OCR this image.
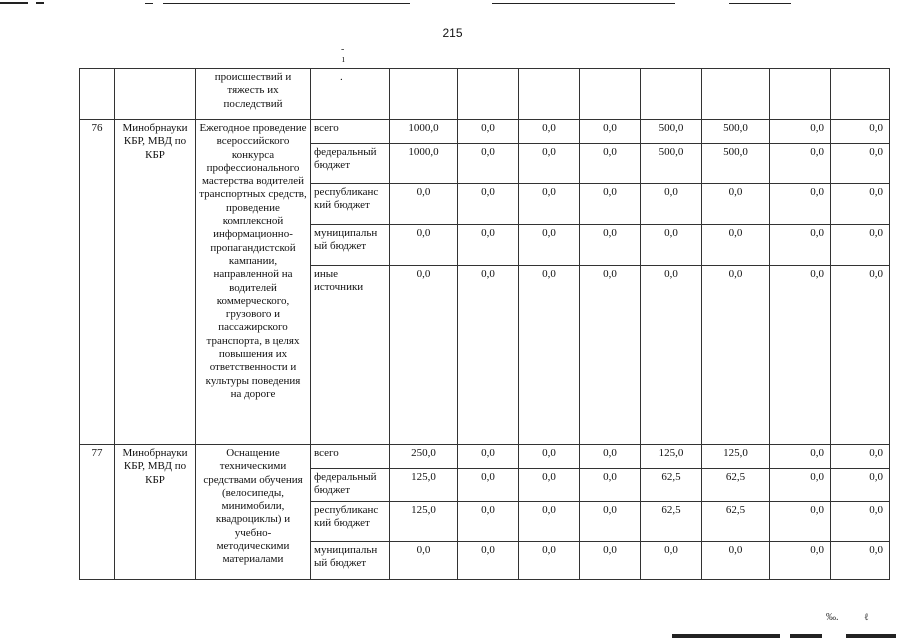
215
-
ı
		происшествий и тяжесть их последствий	.								
76	Минобрнауки КБР, МВД по КБР	Ежегодное проведение всероссийского конкурса профессионального мастерства водителей транспортных средств, проведение комплексной информационно-пропагандистской кампании, направленной на водителей коммерческого, грузового и пассажирского транспорта, в целях повышения их ответственности и культуры поведения на дороге	всего	1000,0	0,0	0,0	0,0	500,0	500,0	0,0	0,0
			федеральный бюджет	1000,0	0,0	0,0	0,0	500,0	500,0	0,0	0,0
			республиканс кий бюджет	0,0	0,0	0,0	0,0	0,0	0,0	0,0	0,0
			муниципальн ый бюджет	0,0	0,0	0,0	0,0	0,0	0,0	0,0	0,0
			иные источники	0,0	0,0	0,0	0,0	0,0	0,0	0,0	0,0
77	Минобрнауки КБР, МВД по КБР	Оснащение техническими средствами обучения (велосипеды, минимобили, квадроциклы) и учебно-методическими материалами	всего	250,0	0,0	0,0	0,0	125,0	125,0	0,0	0,0
			федеральный бюджет	125,0	0,0	0,0	0,0	62,5	62,5	0,0	0,0
			республиканс кий бюджет	125,0	0,0	0,0	0,0	62,5	62,5	0,0	0,0
			муниципальн ый бюджет	0,0	0,0	0,0	0,0	0,0	0,0	0,0	0,0
‰.	ℓ
